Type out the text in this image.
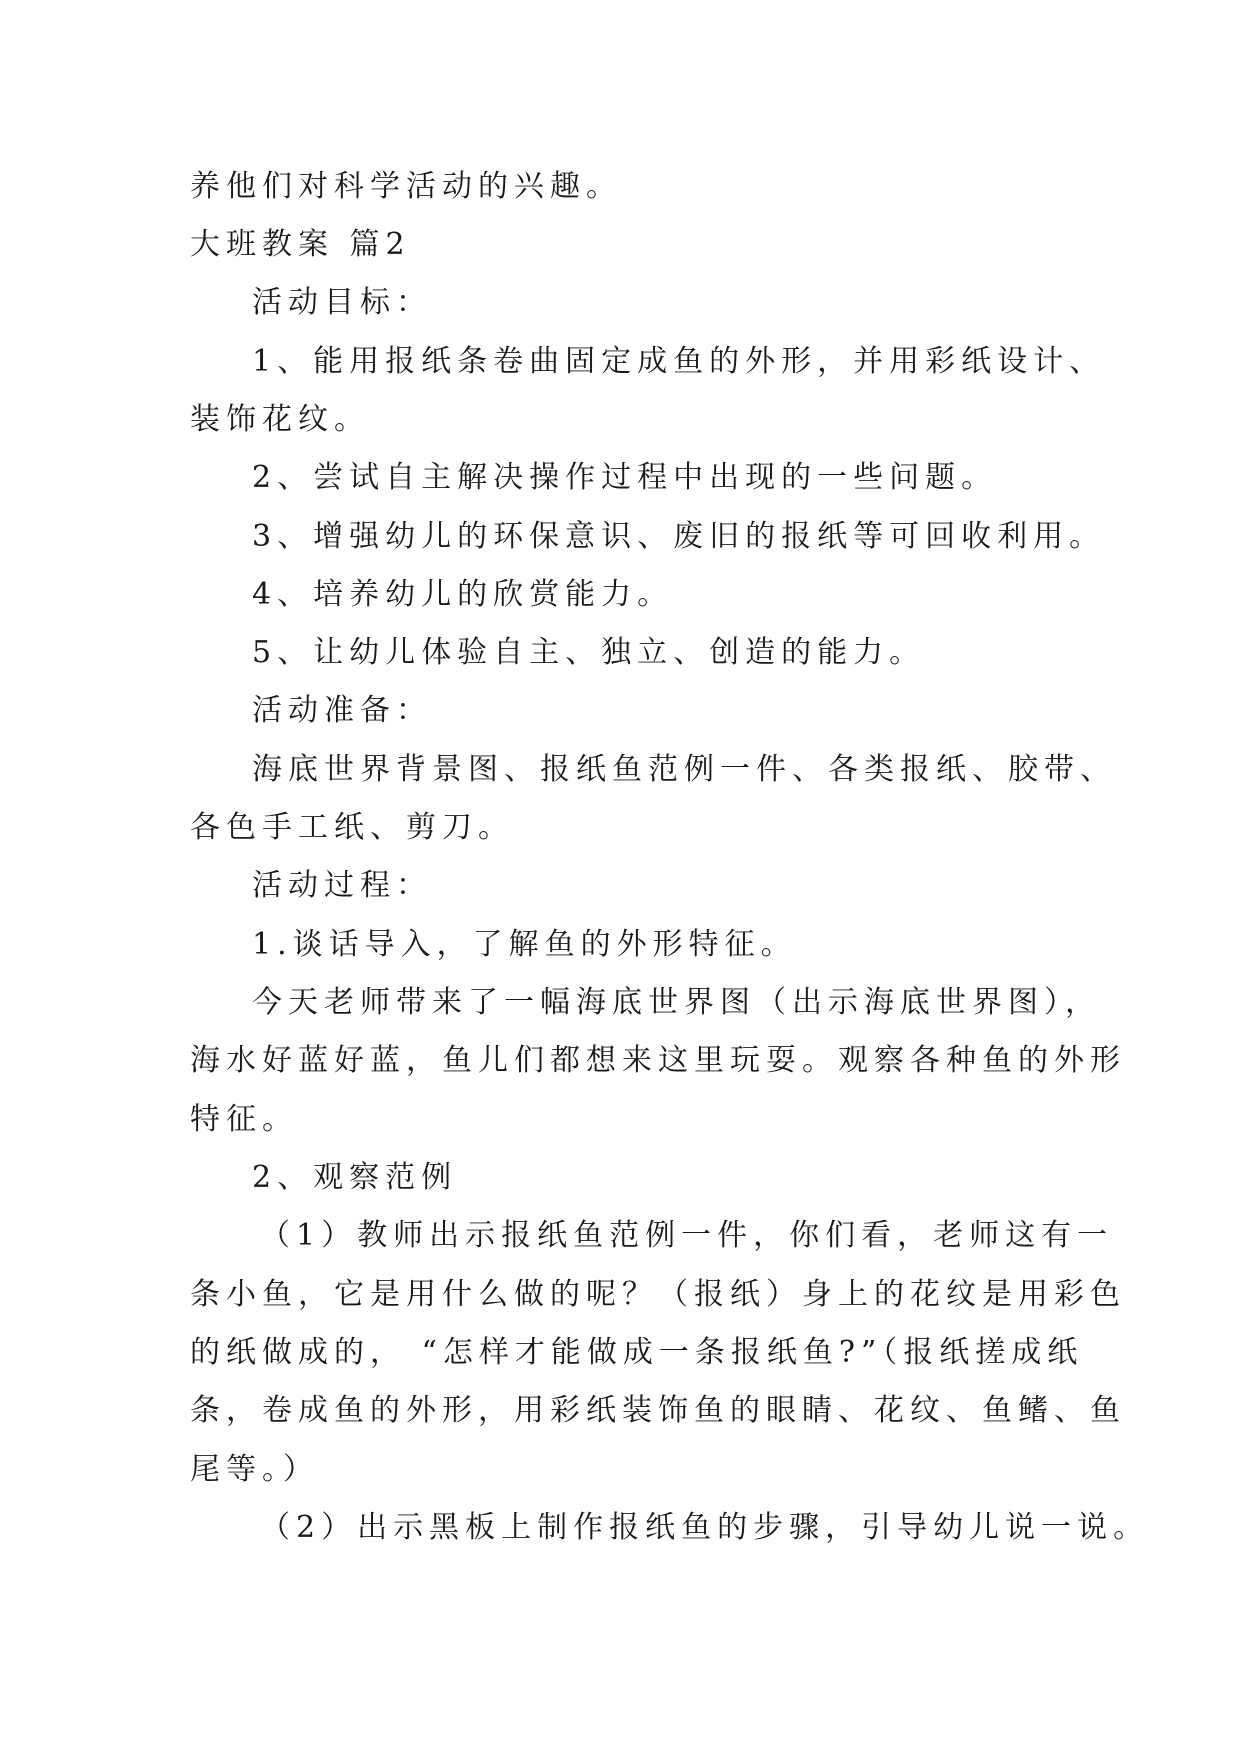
养他们对科学活动的兴趣。
大班教案 篇2
活动目标：
1、能用报纸条卷曲固定成鱼的外形，并用彩纸设计、
装饰花纹。
2、尝试自主解决操作过程中出现的一些问题。
3、增强幼儿的环保意识、废旧的报纸等可回收利用。
4、培养幼儿的欣赏能力。
5、让幼儿体验自主、独立、创造的能力。
活动准备：
海底世界背景图、报纸鱼范例一件、各类报纸、胶带、
各色手工纸、剪刀。
活动过程：
1.谈话导入，了解鱼的外形特征。
今天老师带来了一幅海底世界图（出示海底世界图），
海水好蓝好蓝，鱼儿们都想来这里玩耍。观察各种鱼的外形
特征。
2、观察范例
（1）教师出示报纸鱼范例一件，你们看，老师这有一
条小鱼，它是用什么做的呢？（报纸）身上的花纹是用彩色
的纸做成的， “怎样才能做成一条报纸鱼?”（报纸搓成纸
条，卷成鱼的外形，用彩纸装饰鱼的眼睛、花纹、鱼鳍、鱼
尾等。）
（2）出示黑板上制作报纸鱼的步骤，引导幼儿说一说。
